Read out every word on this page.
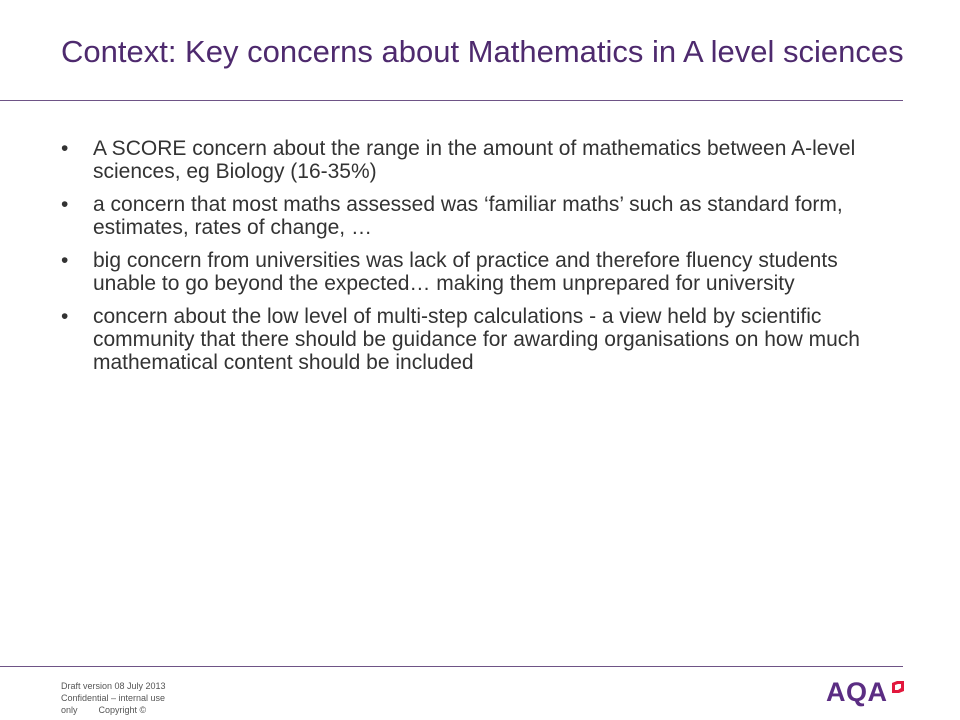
Context: Key concerns about Mathematics in A level sciences
• A SCORE concern about the range in the amount of mathematics between A-level sciences, eg Biology (16-35%)
• a concern that most maths assessed was ‘familiar maths’ such as standard form, estimates, rates of change, …
• big concern from universities was lack of practice and therefore fluency students unable to go beyond the expected… making them unprepared for university
• concern about the low level of multi-step calculations - a view held by scientific community that there should be guidance for awarding organisations on how much mathematical content should be included
Draft version 08 July 2013
Confidential – internal use
only Copyright ©
AQA
